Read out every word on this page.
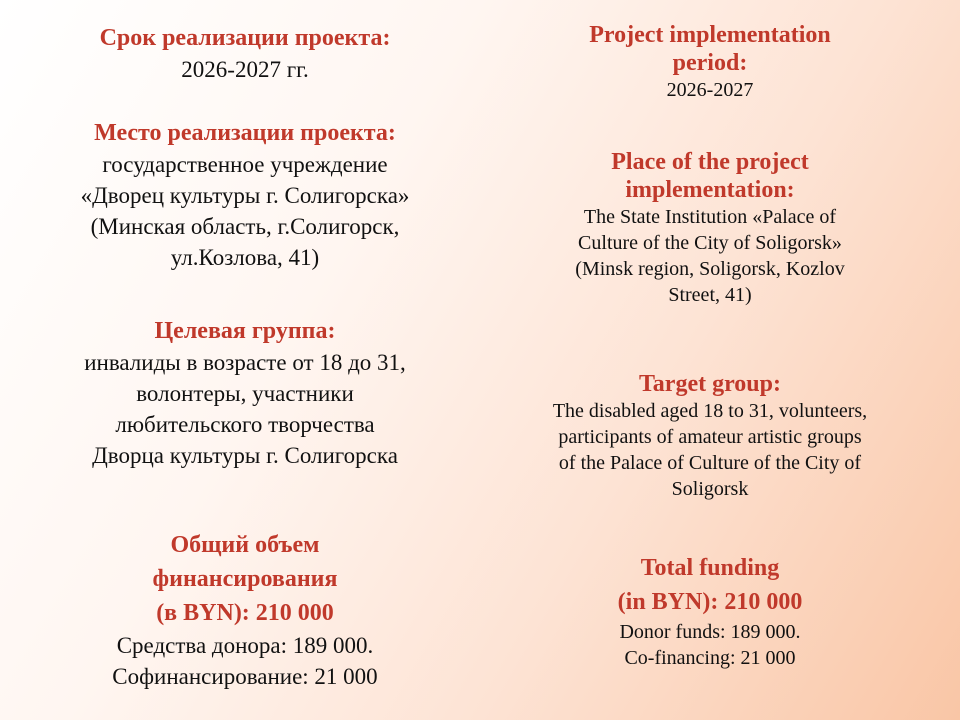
Срок реализации проекта:
2026-2027 гг.
Место реализации проекта:
государственное учреждение
«Дворец культуры г. Солигорска»
(Минская область, г.Солигорск,
ул.Козлова, 41)
Целевая группа:
инвалиды в возрасте от 18 до 31,
волонтеры, участники
любительского творчества
Дворца культуры г. Солигорска
Общий объем
финансирования
(в BYN): 210 000
Средства донора: 189 000.
Софинансирование: 21 000
Project implementation
period:
2026-2027
Place of the project
implementation:
The State Institution «Palace of
Culture of the City of Soligorsk»
(Minsk region, Soligorsk, Kozlov
Street, 41)
Target group:
The disabled aged 18 to 31, volunteers,
participants of amateur artistic groups
of the Palace of Culture of the City of
Soligorsk
Total funding
(in BYN): 210 000
Donor funds: 189 000.
Co-financing: 21 000
